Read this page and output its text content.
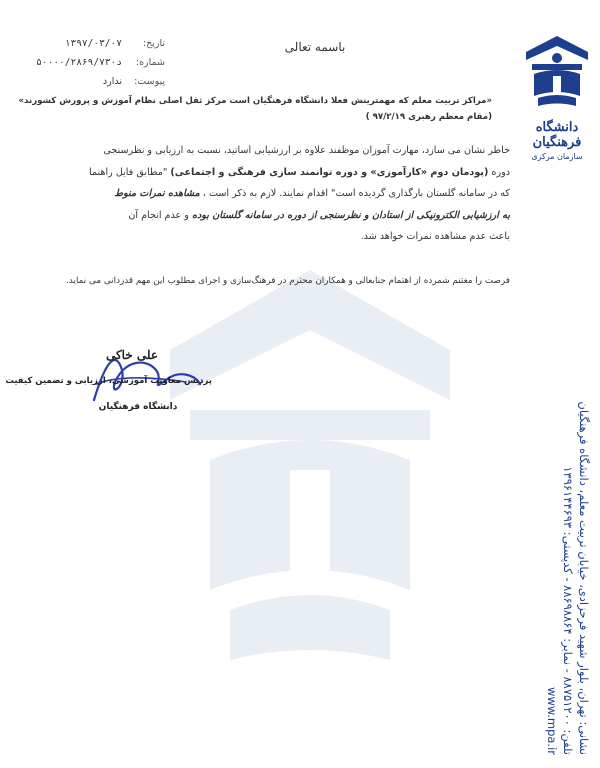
دانشگاه فرهنگیان
سازمان مرکزی
نشانی: تهران، بلوار شهید فرحزادی، خیابان تربیت معلم، دانشگاه فرهنگیان
تلفن: ۸۸۷۵۱۲۰۰ - نمابر: ۸۸۶۹۸۸۶۴ - کدپستی: ۱۳۹۶۱۴۴۶۹۳
www.mpa.ir
تاریخ: ۱۳۹۷/۰۳/۰۷
شماره: ۵۰۰۰۰/۲۸۶۹/۷۳۰د
پیوست: ندارد
باسمه تعالی
«مراکز تربیت معلم که مهمترینش فعلا دانشگاه فرهنگیان است مرکز ثقل اصلی نظام آموزش و پرورش کشورند»
(مقام معظم رهبری ۹۷/۲/۱۹ )
خاطر نشان می سازد، مهارت آموزان موظفند علاوه بر ارزشیابی اساتید، نسبت به ارزیابی و نظرسنجی
دوره (پودمان دوم «کارآموزی» و دوره توانمند سازی فرهنگی و اجتماعی) "مطابق فایل راهنما
که در سامانه گلستان بارگذاری گردیده است" اقدام نمایند. لازم به ذکر است ، مشاهده نمرات منوط
به ارزشیابی الکترونیکی از استادان و نظرسنجی از دوره در سامانه گلستان بوده و عدم انجام آن
باعث عدم مشاهده نمرات خواهد شد.
فرصت را مغتنم شمرده از اهتمام جنابعالی و همکاران محترم در فرهنگ‌سازی و اجرای مطلوب این مهم قدردانی می نماید.
علی خاکی
پردیس معاونت آموزشی، ارزیابی و تضمین کیفیت
دانشگاه فرهنگیان
